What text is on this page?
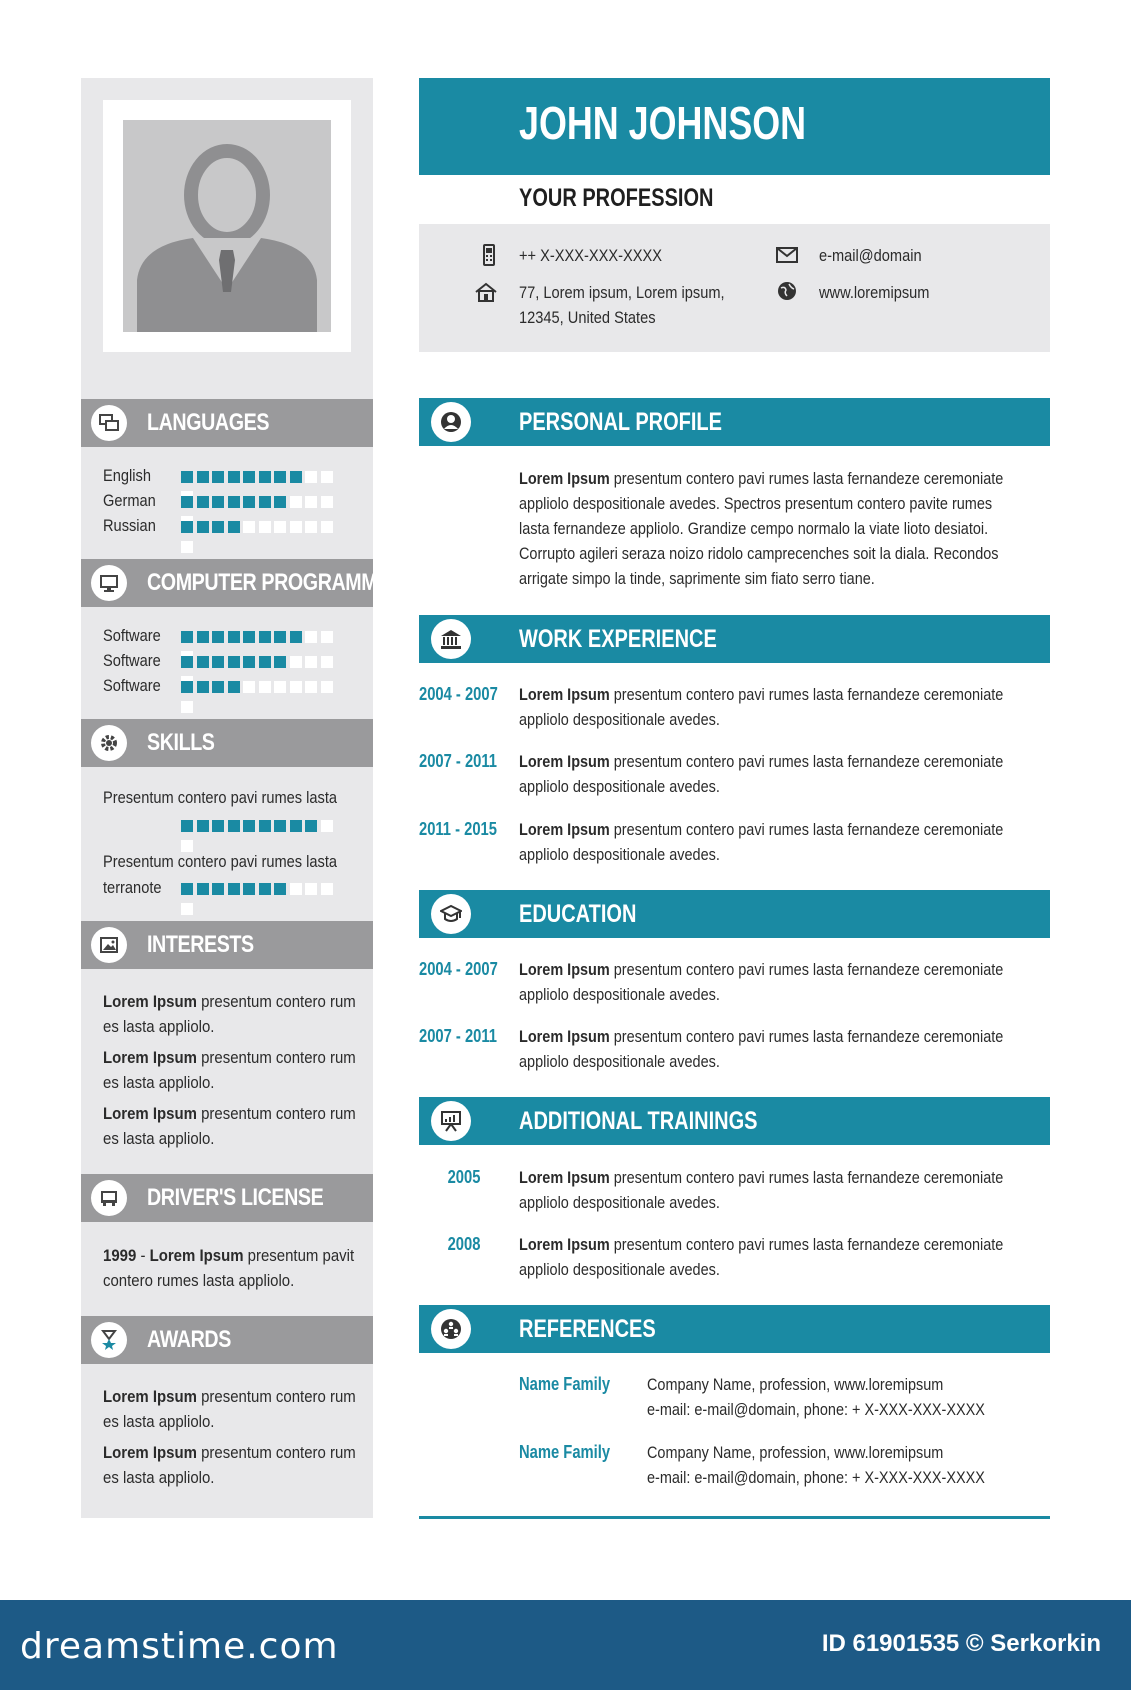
LANGUAGES
English
German
Russian
COMPUTER PROGRAMM
Software
Software
Software
SKILLS
Presentum contero pavi rumes lasta
Presentum contero pavi rumes lasta
terranote
INTERESTS
Lorem Ipsum presentum contero rum
es lasta appliolo.
Lorem Ipsum presentum contero rum
es lasta appliolo.
Lorem Ipsum presentum contero rum
es lasta appliolo.
DRIVER'S LICENSE
1999 - Lorem Ipsum presentum pavit
contero rumes lasta appliolo.
AWARDS
Lorem Ipsum presentum contero rum
es lasta appliolo.
Lorem Ipsum presentum contero rum
es lasta appliolo.
JOHN JOHNSON
YOUR PROFESSION
++ X-XXX-XXX-XXXX
77, Lorem ipsum, Lorem ipsum,
12345, United States
e-mail@domain
www.loremipsum
PERSONAL PROFILE
Lorem Ipsum presentum contero pavi rumes lasta fernandeze ceremoniate
appliolo despositionale avedes. Spectros presentum contero pavite rumes
lasta fernandeze appliolo. Grandize cempo normalo la viate lioto desiatoi.
Corrupto agileri seraza noizo ridolo camprecenches soit la diala. Recondos
arrigate simpo la tinde, saprimente sim fiato serro tiane.
WORK EXPERIENCE
2004 - 2007 Lorem Ipsum presentum contero pavi rumes lasta fernandeze ceremoniate
appliolo despositionale avedes.
2007 - 2011 Lorem Ipsum presentum contero pavi rumes lasta fernandeze ceremoniate
appliolo despositionale avedes.
2011 - 2015 Lorem Ipsum presentum contero pavi rumes lasta fernandeze ceremoniate
appliolo despositionale avedes.
EDUCATION
2004 - 2007 Lorem Ipsum presentum contero pavi rumes lasta fernandeze ceremoniate
appliolo despositionale avedes.
2007 - 2011 Lorem Ipsum presentum contero pavi rumes lasta fernandeze ceremoniate
appliolo despositionale avedes.
ADDITIONAL TRAININGS
2005	Lorem Ipsum presentum contero pavi rumes lasta fernandeze ceremoniate
appliolo despositionale avedes.
2008	Lorem Ipsum presentum contero pavi rumes lasta fernandeze ceremoniate
appliolo despositionale avedes.
REFERENCES
Name Family Company Name, profession, www.loremipsum
e-mail: e-mail@domain, phone: + X-XXX-XXX-XXXX
Name Family Company Name, profession, www.loremipsum
e-mail: e-mail@domain, phone: + X-XXX-XXX-XXXX
dreamstime.com	ID 61901535 © Serkorkin
